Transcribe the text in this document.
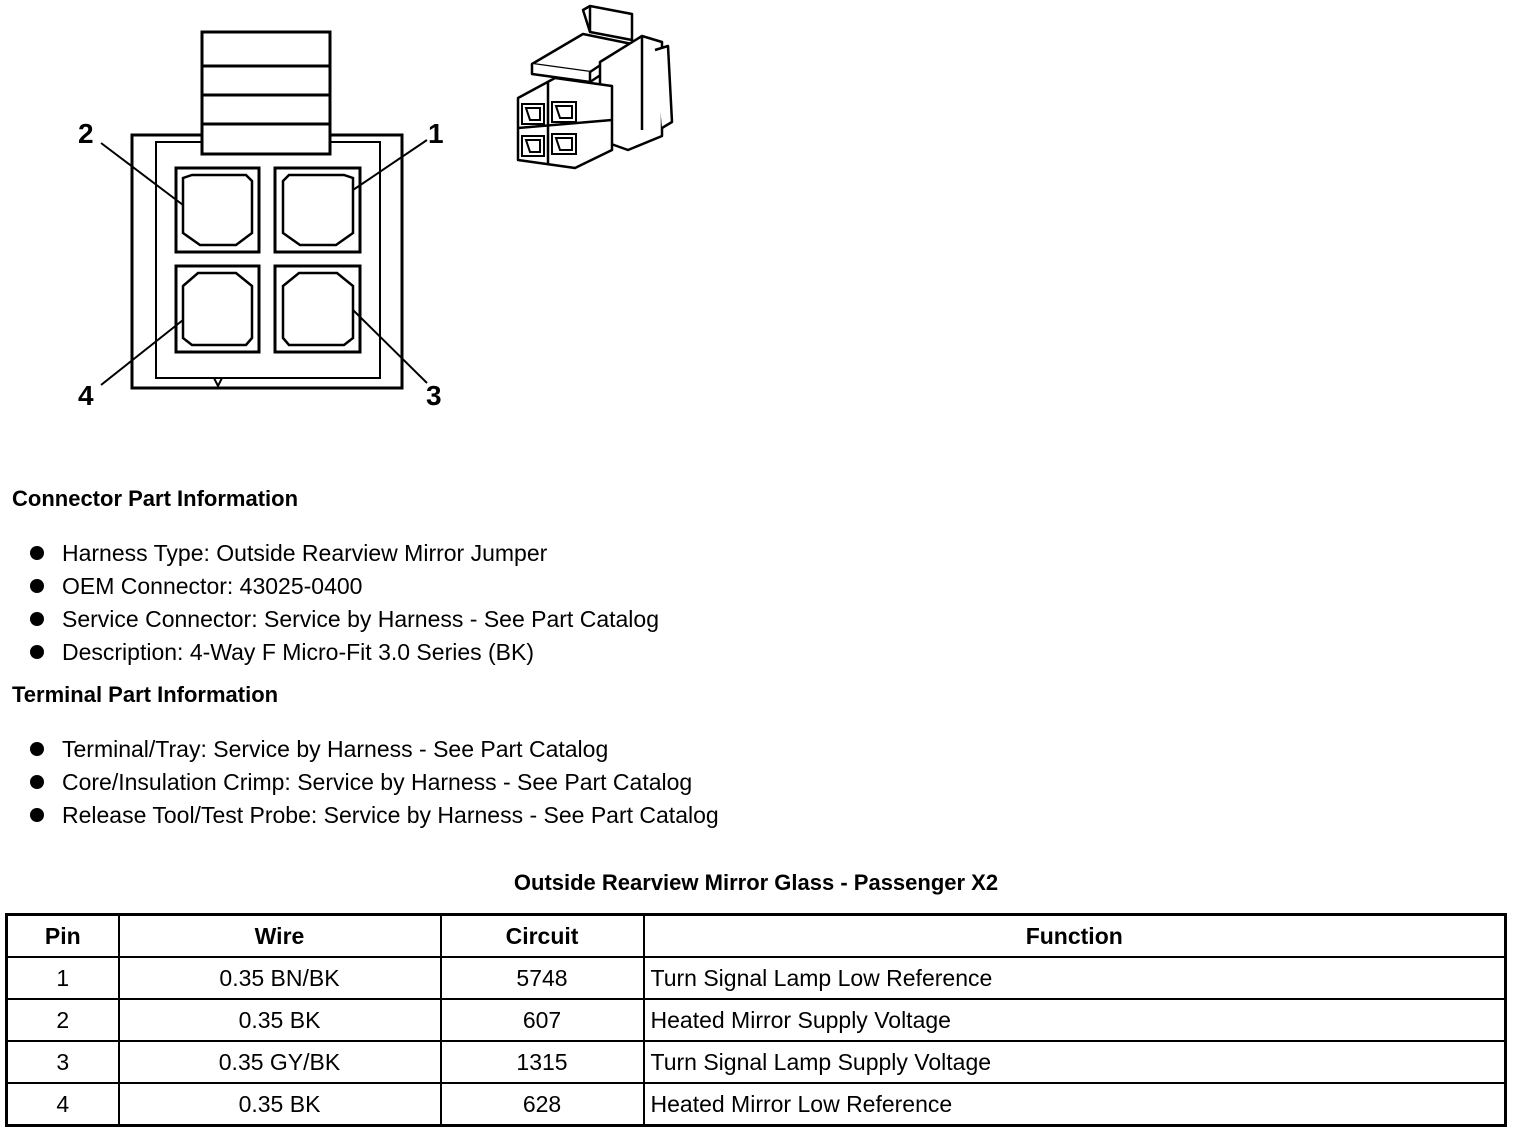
1
2
3
4
Connector Part Information
Harness Type: Outside Rearview Mirror Jumper
OEM Connector: 43025-0400
Service Connector: Service by Harness - See Part Catalog
Description: 4-Way F Micro-Fit 3.0 Series (BK)
Terminal Part Information
Terminal/Tray: Service by Harness - See Part Catalog
Core/Insulation Crimp: Service by Harness - See Part Catalog
Release Tool/Test Probe: Service by Harness - See Part Catalog
Outside Rearview Mirror Glass - Passenger X2
Pin	Wire	Circuit	Function
1	0.35 BN/BK	5748	Turn Signal Lamp Low Reference
2	0.35 BK	607	Heated Mirror Supply Voltage
3	0.35 GY/BK	1315	Turn Signal Lamp Supply Voltage
4	0.35 BK	628	Heated Mirror Low Reference
